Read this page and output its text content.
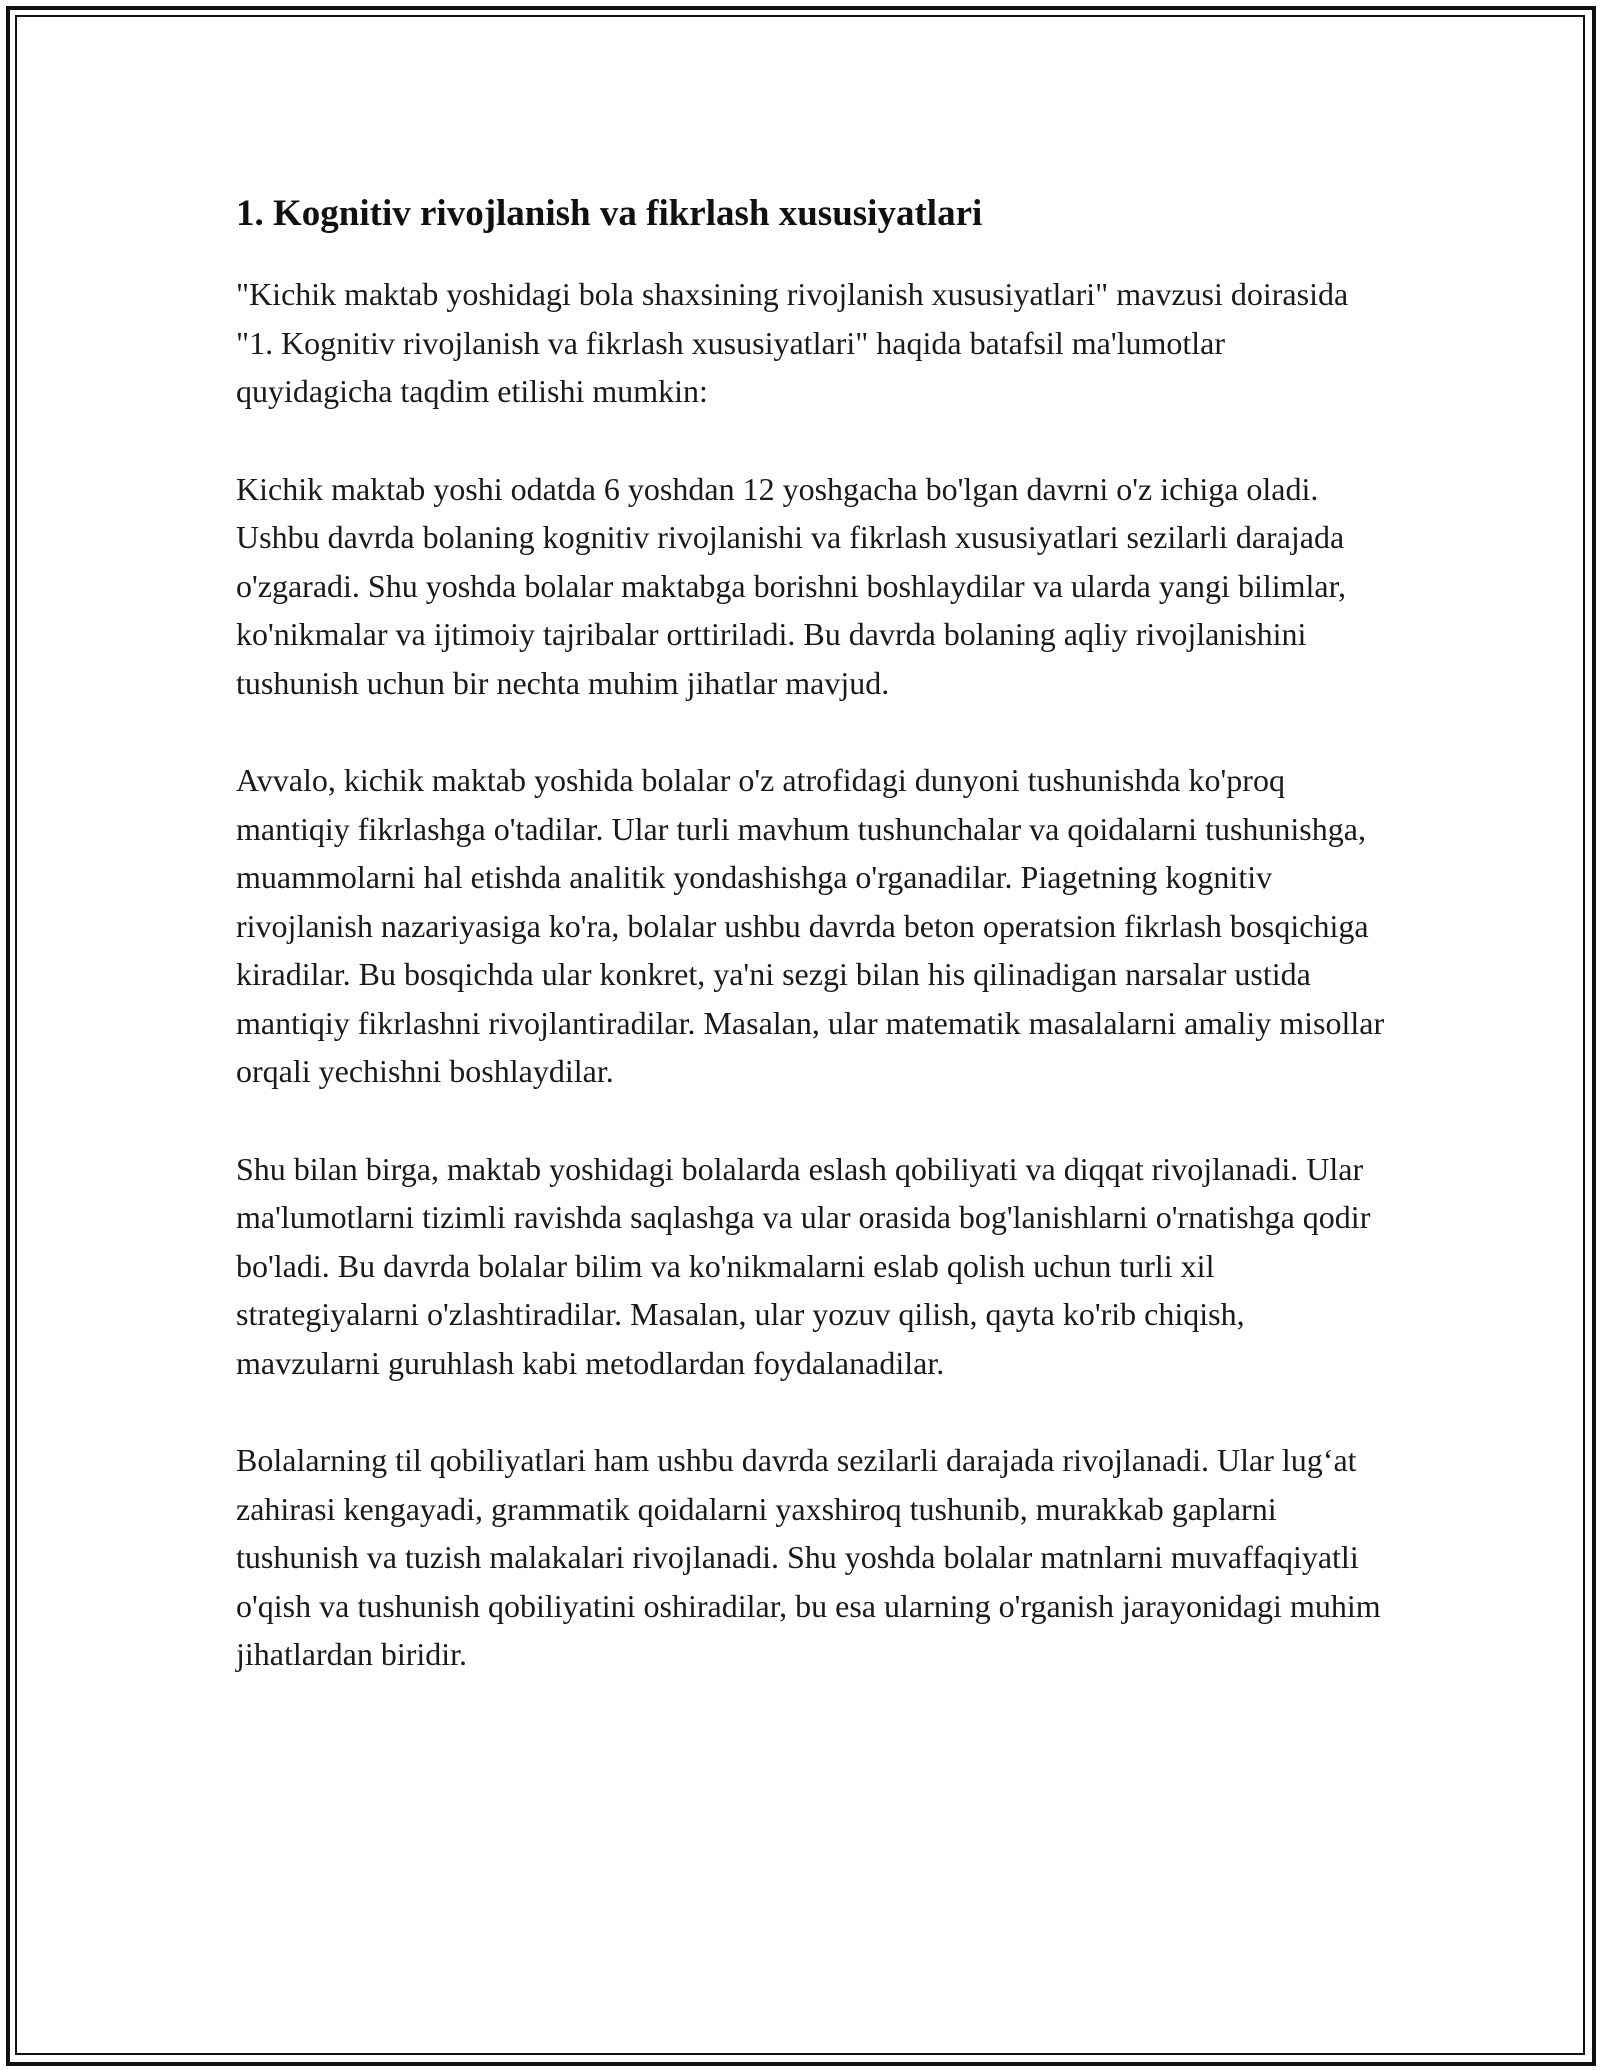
1. Kognitiv rivojlanish va fikrlash xususiyatlari

"Kichik maktab yoshidagi bola shaxsining rivojlanish xususiyatlari" mavzusi doirasida "1. Kognitiv rivojlanish va fikrlash xususiyatlari" haqida batafsil ma'lumotlar quyidagicha taqdim etilishi mumkin:

Kichik maktab yoshi odatda 6 yoshdan 12 yoshgacha bo'lgan davrni o'z ichiga oladi. Ushbu davrda bolaning kognitiv rivojlanishi va fikrlash xususiyatlari sezilarli darajada o'zgaradi. Shu yoshda bolalar maktabga borishni boshlaydilar va ularda yangi bilimlar, ko'nikmalar va ijtimoiy tajribalar orttiriladi. Bu davrda bolaning aqliy rivojlanishini tushunish uchun bir nechta muhim jihatlar mavjud.

Avvalo, kichik maktab yoshida bolalar o'z atrofidagi dunyoni tushunishda ko'proq mantiqiy fikrlashga o'tadilar. Ular turli mavhum tushunchalar va qoidalarni tushunishga, muammolarni hal etishda analitik yondashishga o'rganadilar. Piagetning kognitiv rivojlanish nazariyasiga ko'ra, bolalar ushbu davrda beton operatsion fikrlash bosqichiga kiradilar. Bu bosqichda ular konkret, ya'ni sezgi bilan his qilinadigan narsalar ustida mantiqiy fikrlashni rivojlantiradilar. Masalan, ular matematik masalalarni amaliy misollar orqali yechishni boshlaydilar.

Shu bilan birga, maktab yoshidagi bolalarda eslash qobiliyati va diqqat rivojlanadi. Ular ma'lumotlarni tizimli ravishda saqlashga va ular orasida bog'lanishlarni o'rnatishga qodir bo'ladi. Bu davrda bolalar bilim va ko'nikmalarni eslab qolish uchun turli xil strategiyalarni o'zlashtiradilar. Masalan, ular yozuv qilish, qayta ko'rib chiqish, mavzularni guruhlash kabi metodlardan foydalanadilar.

Bolalarning til qobiliyatlari ham ushbu davrda sezilarli darajada rivojlanadi. Ular lug‘at zahirasi kengayadi, grammatik qoidalarni yaxshiroq tushunib, murakkab gaplarni tushunish va tuzish malakalari rivojlanadi. Shu yoshda bolalar matnlarni muvaffaqiyatli o'qish va tushunish qobiliyatini oshiradilar, bu esa ularning o'rganish jarayonidagi muhim jihatlardan biridir.
